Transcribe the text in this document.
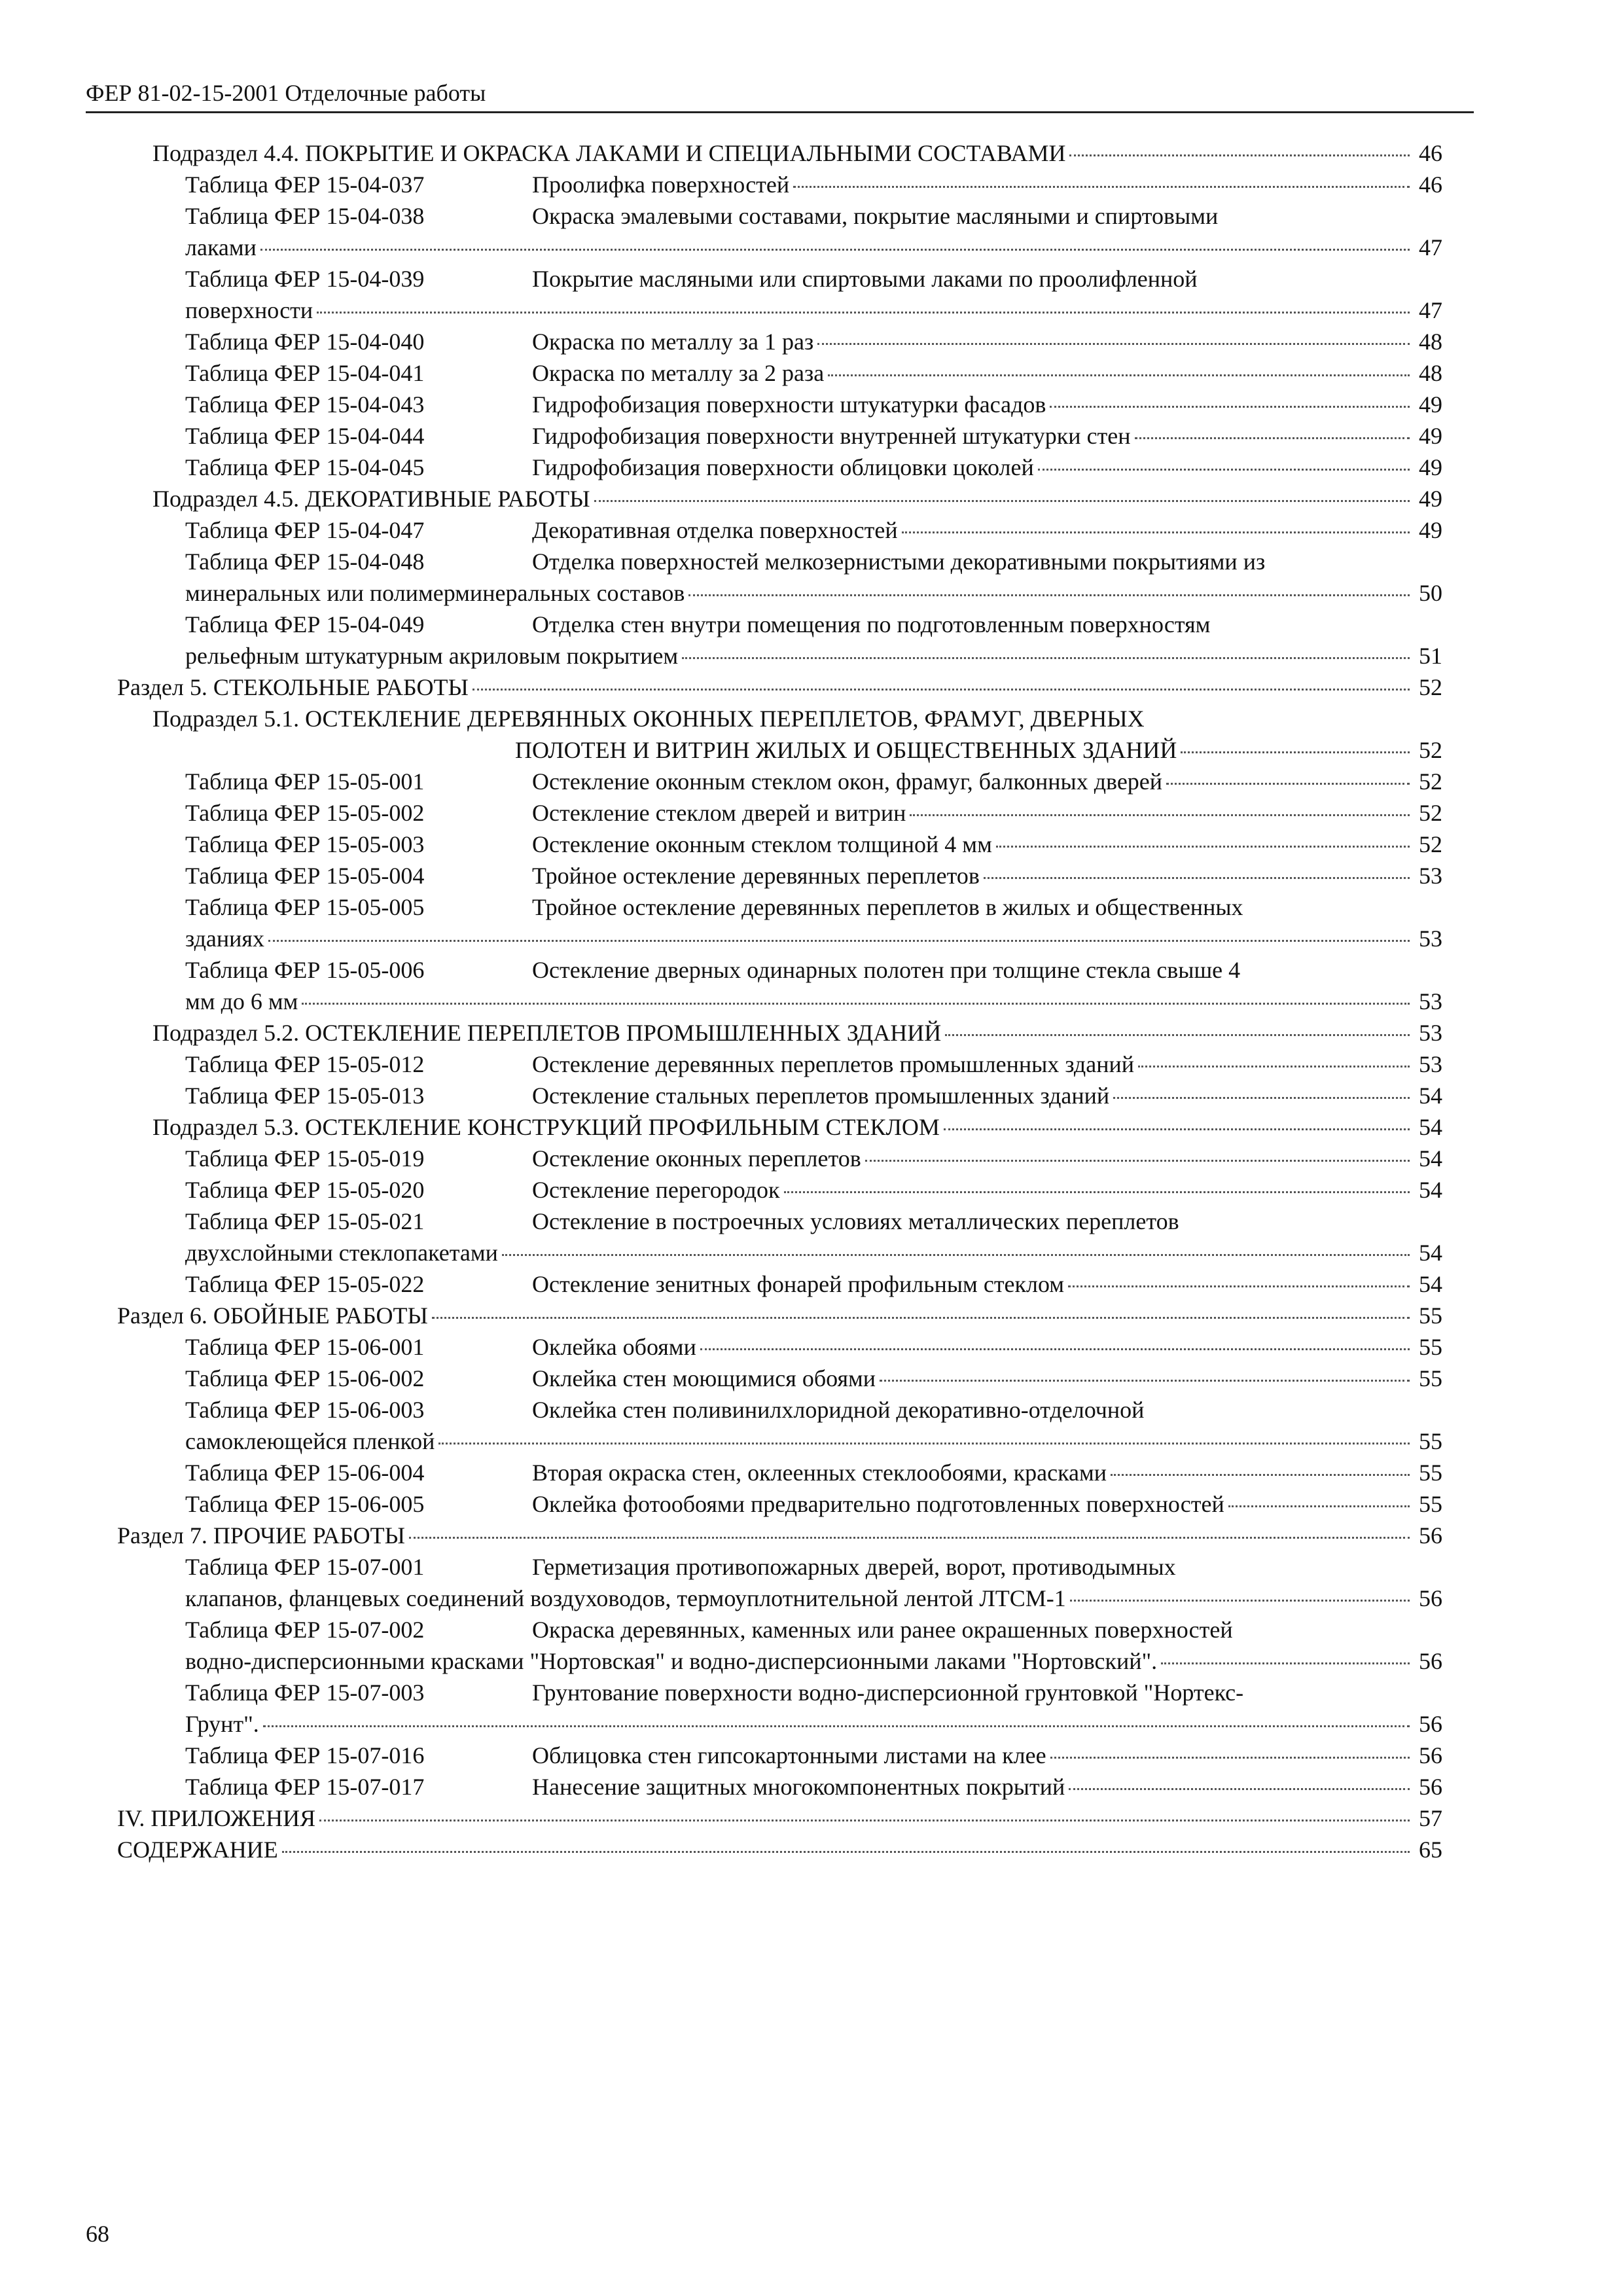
ФЕР 81-02-15-2001 Отделочные работы
Подраздел 4.4. ПОКРЫТИЕ И ОКРАСКА ЛАКАМИ И СПЕЦИАЛЬНЫМИ СОСТАВАМИ	46
Таблица ФЕР 15-04-037	Проолифка поверхностей	46
Таблица ФЕР 15-04-038	Окраска эмалевыми составами, покрытие масляными и спиртовыми
лаками	47
Таблица ФЕР 15-04-039	Покрытие масляными или спиртовыми лаками по проолифленной
поверхности	47
Таблица ФЕР 15-04-040	Окраска по металлу за 1 раз	48
Таблица ФЕР 15-04-041	Окраска по металлу за 2 раза	48
Таблица ФЕР 15-04-043	Гидрофобизация поверхности штукатурки фасадов	49
Таблица ФЕР 15-04-044	Гидрофобизация поверхности внутренней штукатурки стен	49
Таблица ФЕР 15-04-045	Гидрофобизация поверхности облицовки цоколей	49
Подраздел 4.5. ДЕКОРАТИВНЫЕ РАБОТЫ	49
Таблица ФЕР 15-04-047	Декоративная отделка поверхностей	49
Таблица ФЕР 15-04-048	Отделка поверхностей мелкозернистыми декоративными покрытиями из
минеральных или полимерминеральных составов	50
Таблица ФЕР 15-04-049	Отделка стен внутри помещения по подготовленным поверхностям
рельефным штукатурным акриловым покрытием	51
Раздел 5. СТЕКОЛЬНЫЕ РАБОТЫ	52
Подраздел 5.1. ОСТЕКЛЕНИЕ ДЕРЕВЯННЫХ ОКОННЫХ ПЕРЕПЛЕТОВ, ФРАМУГ, ДВЕРНЫХ
ПОЛОТЕН И ВИТРИН ЖИЛЫХ И ОБЩЕСТВЕННЫХ ЗДАНИЙ	52
Таблица ФЕР 15-05-001	Остекление оконным стеклом окон, фрамуг, балконных дверей	52
Таблица ФЕР 15-05-002	Остекление стеклом дверей и витрин	52
Таблица ФЕР 15-05-003	Остекление оконным стеклом толщиной 4 мм	52
Таблица ФЕР 15-05-004	Тройное остекление деревянных переплетов	53
Таблица ФЕР 15-05-005	Тройное остекление деревянных переплетов в жилых и общественных
зданиях	53
Таблица ФЕР 15-05-006	Остекление дверных одинарных полотен при толщине стекла свыше 4
мм до 6 мм	53
Подраздел 5.2. ОСТЕКЛЕНИЕ ПЕРЕПЛЕТОВ ПРОМЫШЛЕННЫХ ЗДАНИЙ	53
Таблица ФЕР 15-05-012	Остекление деревянных переплетов промышленных зданий	53
Таблица ФЕР 15-05-013	Остекление стальных переплетов промышленных зданий	54
Подраздел 5.3. ОСТЕКЛЕНИЕ КОНСТРУКЦИЙ ПРОФИЛЬНЫМ СТЕКЛОМ	54
Таблица ФЕР 15-05-019	Остекление оконных переплетов	54
Таблица ФЕР 15-05-020	Остекление перегородок	54
Таблица ФЕР 15-05-021	Остекление в построечных условиях металлических переплетов
двухслойными стеклопакетами	54
Таблица ФЕР 15-05-022	Остекление зенитных фонарей профильным стеклом	54
Раздел 6. ОБОЙНЫЕ РАБОТЫ	55
Таблица ФЕР 15-06-001	Оклейка обоями	55
Таблица ФЕР 15-06-002	Оклейка стен моющимися обоями	55
Таблица ФЕР 15-06-003	Оклейка стен поливинилхлоридной декоративно-отделочной
самоклеющейся пленкой	55
Таблица ФЕР 15-06-004	Вторая окраска стен, оклеенных стеклообоями, красками	55
Таблица ФЕР 15-06-005	Оклейка фотообоями предварительно подготовленных поверхностей	55
Раздел 7. ПРОЧИЕ РАБОТЫ	56
Таблица ФЕР 15-07-001	Герметизация противопожарных дверей, ворот, противодымных
клапанов, фланцевых соединений воздуховодов, термоуплотнительной лентой ЛТСМ-1	56
Таблица ФЕР 15-07-002	Окраска деревянных, каменных или ранее окрашенных поверхностей
водно-дисперсионными красками "Нортовская" и водно-дисперсионными лаками "Нортовский".	56
Таблица ФЕР 15-07-003	Грунтование поверхности водно-дисперсионной грунтовкой "Нортекс-
Грунт".	56
Таблица ФЕР 15-07-016	Облицовка стен гипсокартонными листами на клее	56
Таблица ФЕР 15-07-017	Нанесение защитных многокомпонентных покрытий	56
IV. ПРИЛОЖЕНИЯ	57
СОДЕРЖАНИЕ	65
68
